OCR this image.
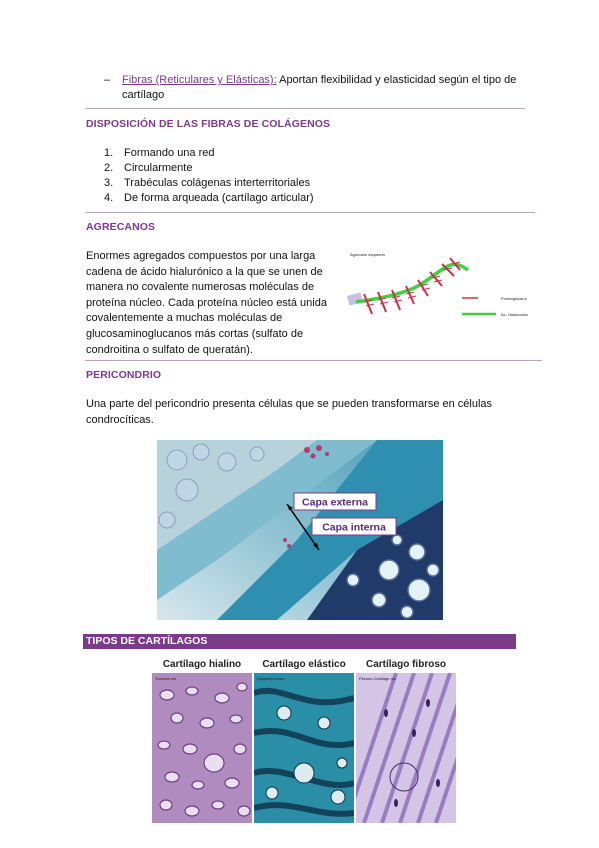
– Fibras (Reticulares y Elásticas): Aportan flexibilidad y elasticidad según el tipo de
cartílago
DISPOSICIÓN DE LAS FIBRAS DE COLÁGENOS
1. Formando una red
2. Circularmente
3. Trabéculas colágenas interterritoriales
4. De forma arqueada (cartílago articular)
AGRECANOS
Enormes agregados compuestos por una larga
cadena de ácido hialurónico a la que se unen de
manera no covalente numerosas moléculas de
proteína núcleo. Cada proteína núcleo está unida
covalentemente a muchas moléculas de
glucosaminoglucanos más cortas (sulfato de
condroitina o sulfato de queratán).
Agrecano esquema
Proteoglucano
Ac. Hialurónico
PERICONDRIO
Una parte del pericondrio presenta células que se pueden transformarse en células
condrocíticas.
Capa externa
Capa interna
TIPOS DE CARTÍLAGOS
Cartílago hialino	Cartílago elástico	Cartílago fibroso
Trachea ms	Epiglottis mono	Fibrous Cartilage mo
